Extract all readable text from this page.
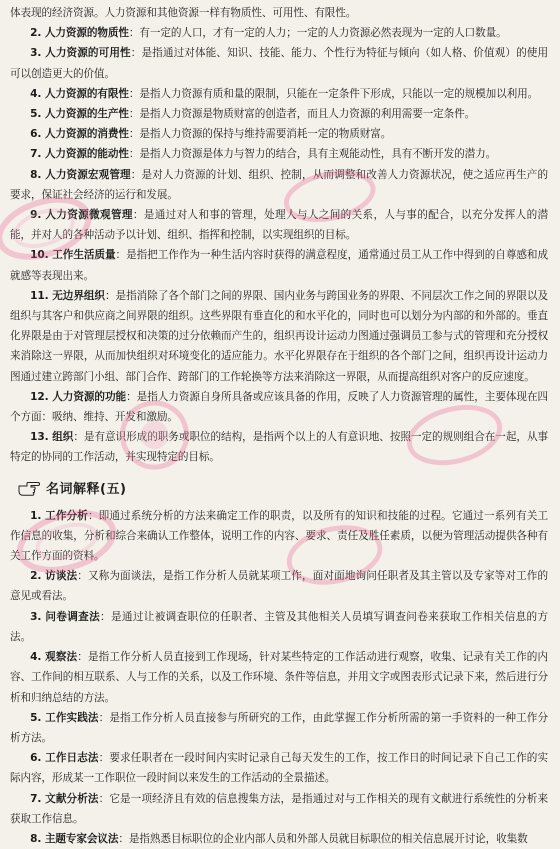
体表现的经济资源。人力资源和其他资源一样有物质性、可用性、有限性。

2. 人力资源的物质性：有一定的人口，才有一定的人力；一定的人力资源必然表现为一定的人口数量。

3. 人力资源的可用性：是指通过对体能、知识、技能、能力、个性行为特征与倾向（如人格、价值观）的使用可以创造更大的价值。

4. 人力资源的有限性：是指人力资源有质和量的限制，只能在一定条件下形成，只能以一定的规模加以利用。

5. 人力资源的生产性：是指人力资源是物质财富的创造者，而且人力资源的利用需要一定条件。

6. 人力资源的消费性：是指人力资源的保持与维持需要消耗一定的物质财富。

7. 人力资源的能动性：是指人力资源是体力与智力的结合，具有主观能动性，具有不断开发的潜力。

8. 人力资源宏观管理：是对人力资源的计划、组织、控制，从而调整和改善人力资源状况，使之适应再生产的要求，保证社会经济的运行和发展。

9. 人力资源微观管理：是通过对人和事的管理，处理人与人之间的关系，人与事的配合，以充分发挥人的潜能，并对人的各种活动予以计划、组织、指挥和控制，以实现组织的目标。

10. 工作生活质量：是指把工作作为一种生活内容时获得的满意程度，通常通过员工从工作中得到的自尊感和成就感等表现出来。

11. 无边界组织：是指消除了各个部门之间的界限、国内业务与跨国业务的界限、不同层次工作之间的界限以及组织与其客户和供应商之间界限的组织。这些界限有垂直化的和水平化的，同时也可以划分为内部的和外部的。垂直化界限是由于对管理层授权和决策的过分依赖而产生的，组织再设计运动力图通过强调员工参与式的管理和充分授权来消除这一界限，从而加快组织对环境变化的适应能力。水平化界限存在于组织的各个部门之间，组织再设计运动力图通过建立跨部门小组、部门合作、跨部门的工作轮换等方法来消除这一界限，从而提高组织对客户的反应速度。

12. 人力资源的功能：是指人力资源自身所具备或应该具备的作用，反映了人力资源管理的属性，主要体现在四个方面：吸纳、维持、开发和激励。

13. 组织：是有意识形成的职务或职位的结构，是指两个以上的人有意识地、按照一定的规则组合在一起，从事特定的协同的工作活动，并实现特定的目标。

名词解释(五)

1. 工作分析：即通过系统分析的方法来确定工作的职责，以及所有的知识和技能的过程。它通过一系列有关工作信息的收集，分析和综合来确认工作整体，说明工作的内容、要求、责任及胜任素质，以便为管理活动提供各种有关工作方面的资料。

2. 访谈法：又称为面谈法，是指工作分析人员就某项工作，面对面地询问任职者及其主管以及专家等对工作的意见或看法。

3. 问卷调查法：是通过让被调查职位的任职者、主管及其他相关人员填写调查问卷来获取工作相关信息的方法。

4. 观察法：是指工作分析人员直接到工作现场，针对某些特定的工作活动进行观察，收集、记录有关工作的内容、工作间的相互联系、人与工作的关系，以及工作环境、条件等信息，并用文字或图表形式记录下来，然后进行分析和归纳总结的方法。

5. 工作实践法：是指工作分析人员直接参与所研究的工作，由此掌握工作分析所需的第一手资料的一种工作分析方法。

6. 工作日志法：要求任职者在一段时间内实时记录自己每天发生的工作，按工作日的时间记录下自己工作的实际内容，形成某一工作职位一段时间以来发生的工作活动的全景描述。

7. 文献分析法：它是一项经济且有效的信息搜集方法，是指通过对与工作相关的现有文献进行系统性的分析来获取工作信息。

8. 主题专家会议法：是指熟悉目标职位的企业内部人员和外部人员就目标职位的相关信息展开讨论，收集数
